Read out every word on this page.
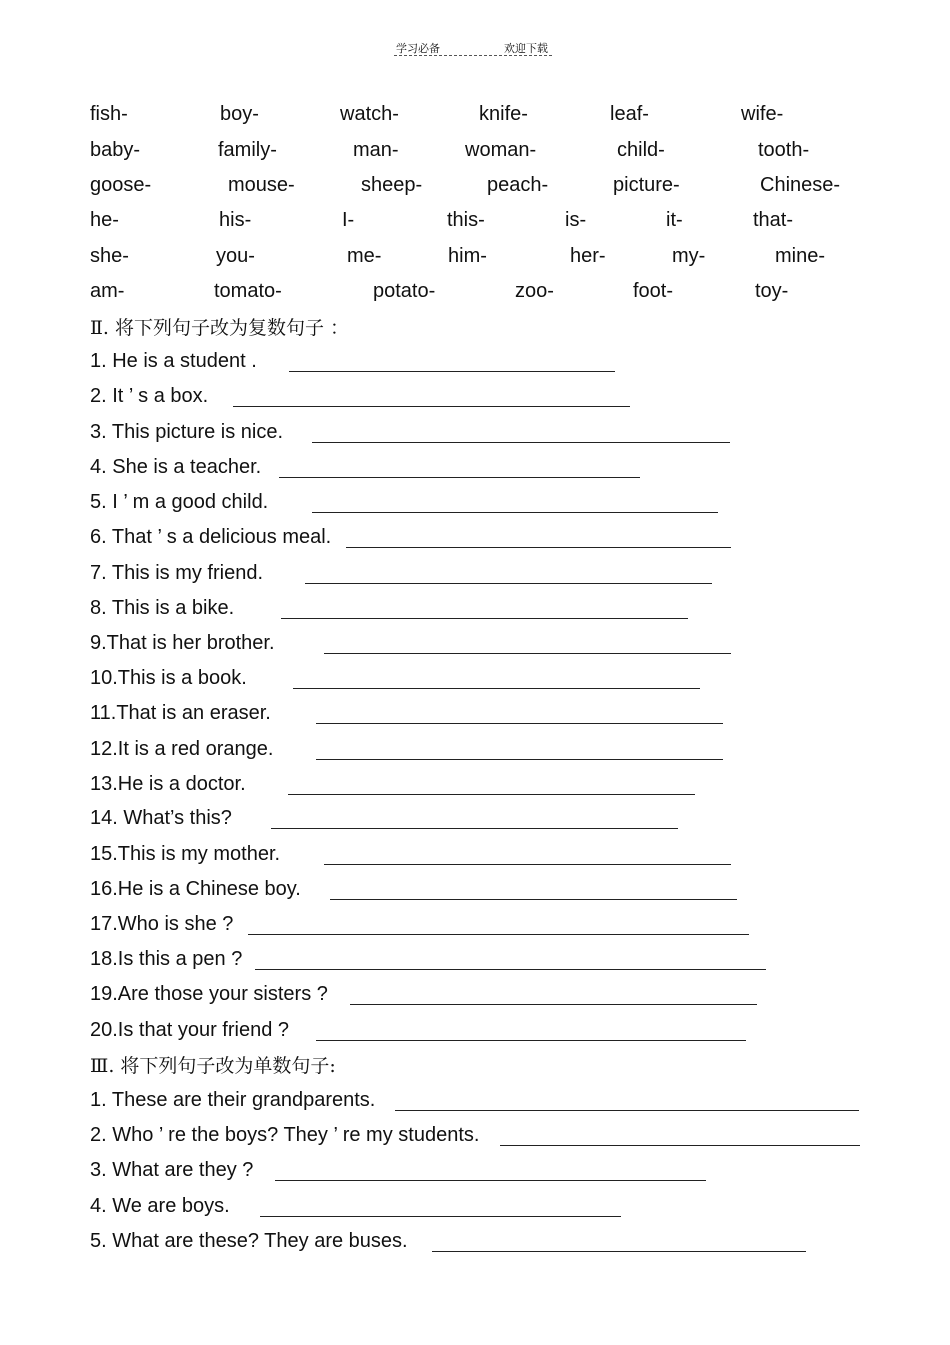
学习必备	欢迎下载
fish-	boy-	watch-	knife-	leaf-	wife-
baby-	family-	man-	woman-	child-	tooth-
goose-	mouse-	sheep-	peach-	picture-	Chinese-
he-	his-	I-	this-	is-	it-	that-
she-	you-	me-	him-	her-	my-	mine-
am-	tomato-	potato-	zoo-	foot-	toy-
Ⅱ. 将下列句子改为复数句子 ：
1. He is a student .
2. It ’ s a box.
3. This picture is nice.
4. She is a teacher.
5. I ’ m a good child.
6. That ’ s a delicious meal.
7. This is my friend.
8. This is a bike.
9.That is her brother.
10.This is a book.
11.That is an eraser.
12.It is a red orange.
13.He is a doctor.
14. What’s this?
15.This is my mother.
16.He is a Chinese boy.
17.Who is she ?
18.Is this a pen ?
19.Are those your sisters ?
20.Is that your friend ?
Ⅲ. 将下列句子改为单数句子:
1. These are their grandparents.
2. Who ’ re the boys? They ’ re my students.
3. What are they ?
4. We are boys.
5. What are these? They are buses.
